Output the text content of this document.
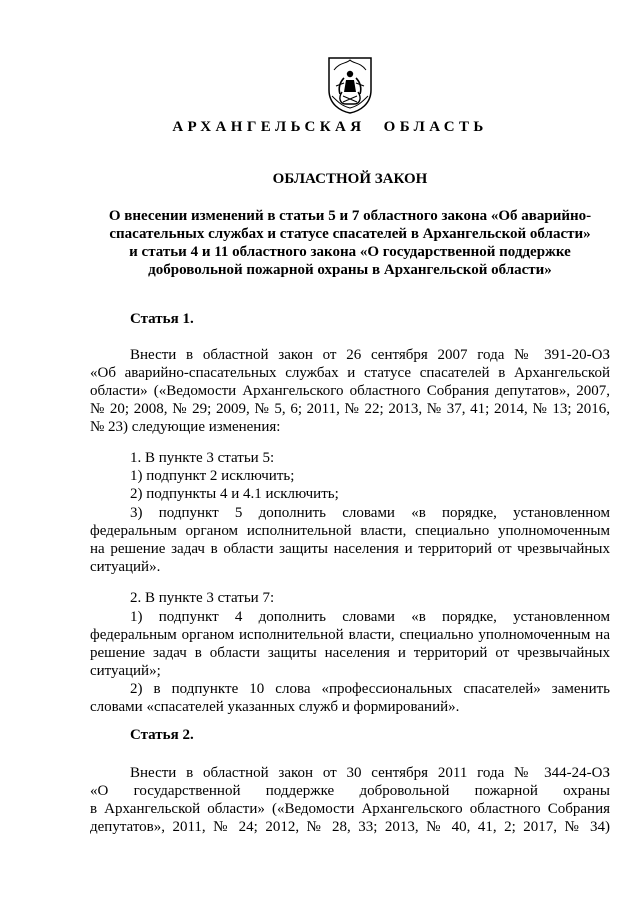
АРХАНГЕЛЬСКАЯ ОБЛАСТЬ
ОБЛАСТНОЙ ЗАКОН
О внесении изменений в статьи 5 и 7 областного закона «Об аварийно-
спасательных службах и статусе спасателей в Архангельской области»
и статьи 4 и 11 областного закона «О государственной поддержке
добровольной пожарной охраны в Архангельской области»
Статья 1.
Внести в областной закон от 26 сентября 2007 года № 391-20-ОЗ
«Об аварийно-спасательных службах и статусе спасателей в Архангельской
области» («Ведомости Архангельского областного Собрания депутатов», 2007,
№ 20; 2008, № 29; 2009, № 5, 6; 2011, № 22; 2013, № 37, 41; 2014, № 13; 2016,
№ 23) следующие изменения:
1. В пункте 3 статьи 5:
1) подпункт 2 исключить;
2) подпункты 4 и 4.1 исключить;
3) подпункт 5 дополнить словами «в порядке, установленном
федеральным органом исполнительной власти, специально уполномоченным
на решение задач в области защиты населения и территорий от чрезвычайных
ситуаций».
2. В пункте 3 статьи 7:
1) подпункт 4 дополнить словами «в порядке, установленном
федеральным органом исполнительной власти, специально уполномоченным на
решение задач в области защиты населения и территорий от чрезвычайных
ситуаций»;
2) в подпункте 10 слова «профессиональных спасателей» заменить
словами «спасателей указанных служб и формирований».
Статья 2.
Внести в областной закон от 30 сентября 2011 года № 344-24-ОЗ
«О государственной поддержке добровольной пожарной охраны
в Архангельской области» («Ведомости Архангельского областного Собрания
депутатов», 2011, № 24; 2012, № 28, 33; 2013, № 40, 41, 2; 2017, № 34)
